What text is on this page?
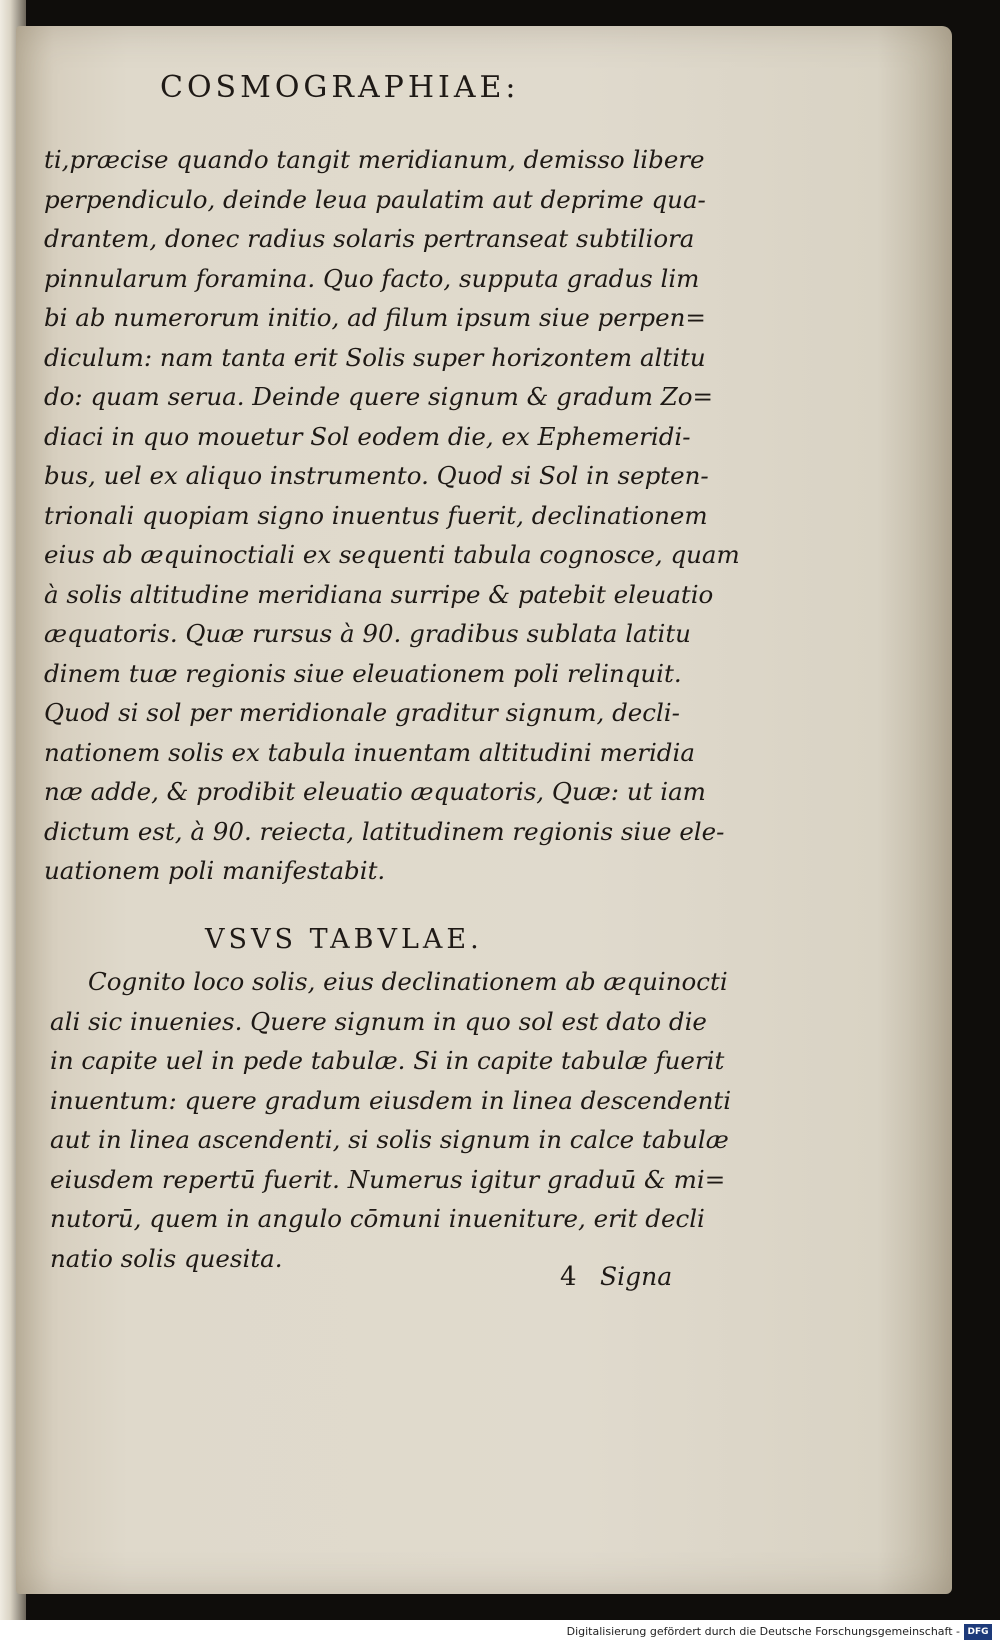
COSMOGRAPHIAE:
ti,præcise quando tangit meridianum, demisso libere
perpendiculo, deinde leua paulatim aut deprime qua-
drantem, donec radius solaris pertranseat subtiliora
pinnularum foramina. Quo facto, supputa gradus lim
bi ab numerorum initio, ad filum ipsum siue perpen=
diculum: nam tanta erit Solis super horizontem altitu
do: quam serua. Deinde quere signum & gradum Zo=
diaci in quo mouetur Sol eodem die, ex Ephemeridi-
bus, uel ex aliquo instrumento. Quod si Sol in septen-
trionali quopiam signo inuentus fuerit, declinationem
eius ab æquinoctiali ex sequenti tabula cognosce, quam
à solis altitudine meridiana surripe & patebit eleuatio
æquatoris. Quæ rursus à 90. gradibus sublata latitu
dinem tuæ regionis siue eleuationem poli relinquit.
Quod si sol per meridionale graditur signum, decli-
nationem solis ex tabula inuentam altitudini meridia
næ adde, & prodibit eleuatio æquatoris, Quæ: ut iam
dictum est, à 90. reiecta, latitudinem regionis siue ele-
uationem poli manifestabit.
VSVS TABVLAE.
Cognito loco solis, eius declinationem ab æquinocti
ali sic inuenies. Quere signum in quo sol est dato die
in capite uel in pede tabulæ. Si in capite tabulæ fuerit
inuentum: quere gradum eiusdem in linea descendenti
aut in linea ascendenti, si solis signum in calce tabulæ
eiusdem repertū fuerit. Numerus igitur graduū & mi=
nutorū, quem in angulo cōmuni inueniture, erit decli
natio solis quesita.
4 Signa
Digitalisierung gefördert durch die Deutsche Forschungsgemeinschaft - DFG
